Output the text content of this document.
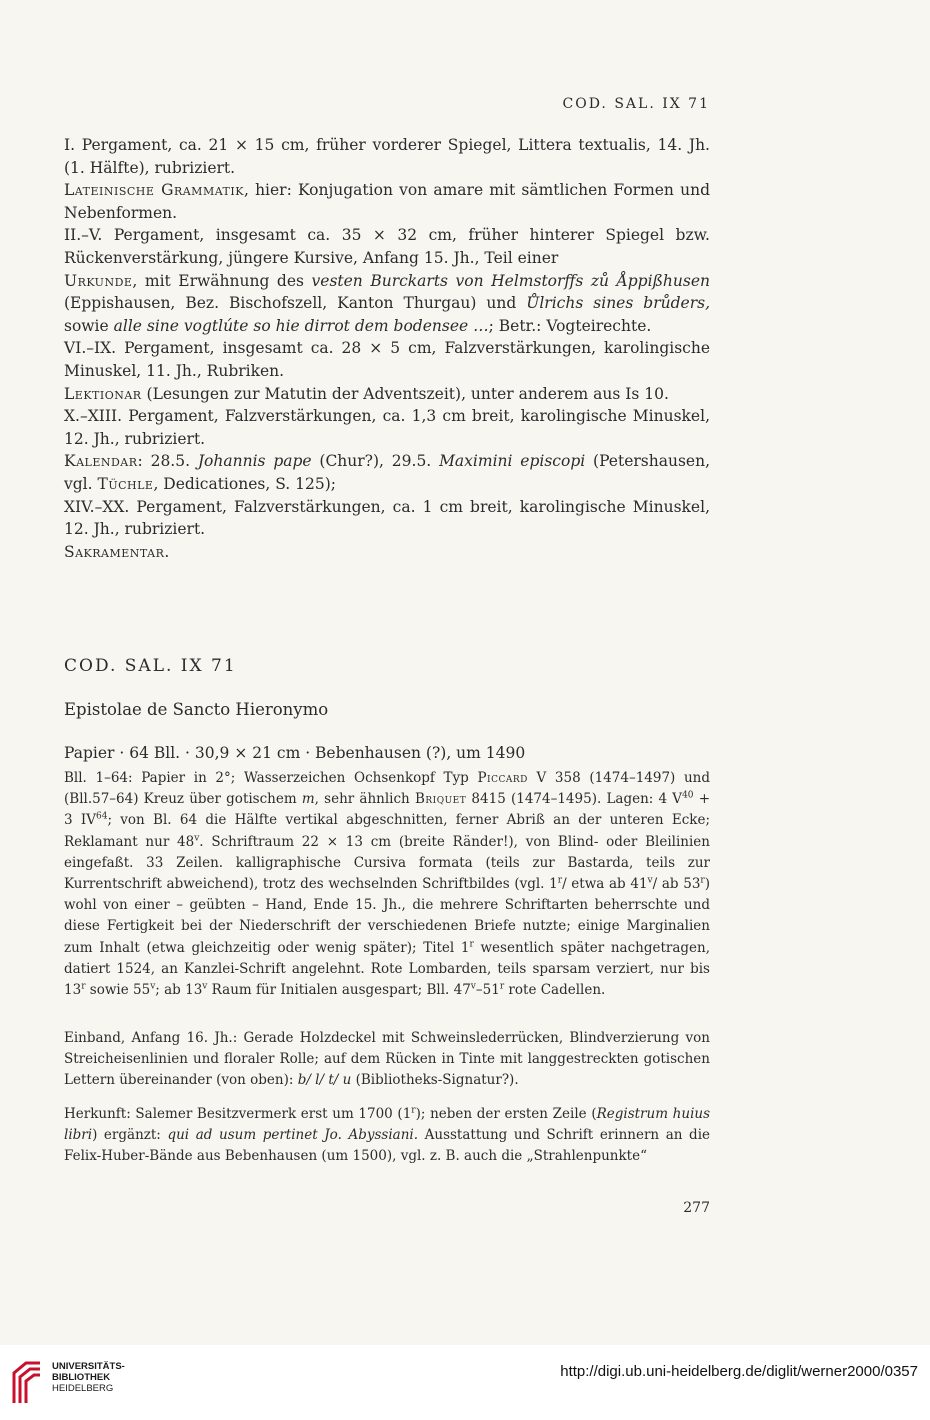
COD. SAL. IX 71

I. Pergament, ca. 21 × 15 cm, früher vorderer Spiegel, Littera textualis, 14. Jh. (1. Hälfte), rubriziert.

Lateinische Grammatik, hier: Konjugation von amare mit sämtlichen Formen und Nebenformen.

II.–V. Pergament, insgesamt ca. 35 × 32 cm, früher hinterer Spiegel bzw. Rückenverstärkung, jüngere Kursive, Anfang 15. Jh., Teil einer

Urkunde, mit Erwähnung des vesten Burckarts von Helmstorffs zů Åppißhusen (Eppishausen, Bez. Bischofszell, Kanton Thurgau) und Ůlrichs sines brůders, sowie alle sine vogtlúte so hie dirrot dem bodensee …; Betr.: Vogteirechte.

VI.–IX. Pergament, insgesamt ca. 28 × 5 cm, Falzverstärkungen, karolingische Minuskel, 11. Jh., Rubriken.

Lektionar (Lesungen zur Matutin der Adventszeit), unter anderem aus Is 10.

X.–XIII. Pergament, Falzverstärkungen, ca. 1,3 cm breit, karolingische Minuskel, 12. Jh., rubriziert.

Kalendar: 28.5. Johannis pape (Chur?), 29.5. Maximini episcopi (Petershausen, vgl. Tüchle, Dedicationes, S. 125);

XIV.–XX. Pergament, Falzverstärkungen, ca. 1 cm breit, karolingische Minuskel, 12. Jh., rubriziert.

Sakramentar.

COD. SAL. IX 71
Epistolae de Sancto Hieronymo
Papier · 64 Bll. · 30,9 × 21 cm · Bebenhausen (?), um 1490

Bll. 1–64: Papier in 2°; Wasserzeichen Ochsenkopf Typ Piccard V 358 (1474–1497) und (Bll.57–64) Kreuz über gotischem m, sehr ähnlich Briquet 8415 (1474–1495). Lagen: 4 $V^{40} + 3$ IV$^{64}$; von Bl. 64 die Hälfte vertikal abgeschnitten, ferner Abriß an der unteren Ecke; Reklamant nur 48$^v$. Schriftraum 22 × 13 cm (breite Ränder!), von Blind- oder Bleilinien eingefaßt. 33 Zeilen. kalligraphische Cursiva formata (teils zur Bastarda, teils zur Kurrentschrift abweichend), trotz des wechselnden Schriftbildes (vgl. 1$^r$/ etwa ab 41$^v$/ ab 53$^r$) wohl von einer – geübten – Hand, Ende 15. Jh., die mehrere Schriftarten beherrschte und diese Fertigkeit bei der Niederschrift der verschiedenen Briefe nutzte; einige Marginalien zum Inhalt (etwa gleichzeitig oder wenig später); Titel 1$^r$ wesentlich später nachgetragen, datiert 1524, an Kanzlei-Schrift angelehnt. Rote Lombarden, teils sparsam verziert, nur bis 13$^r$ sowie 55$^v$; ab 13$^v$ Raum für Initialen ausgespart; Bll. 47$^v$–51$^r$ rote Cadellen.

Einband, Anfang 16. Jh.: Gerade Holzdeckel mit Schweinslederrücken, Blindverzierung von Streicheisenlinien und floraler Rolle; auf dem Rücken in Tinte mit langgestreckten gotischen Lettern übereinander (von oben): b/ l/ t/ u (Bibliotheks-Signatur?).
Herkunft: Salemer Besitzvermerk erst um 1700 (1$^r$); neben der ersten Zeile (Registrum huius libri) ergänzt: qui ad usum pertinet Jo. Abyssiani. Ausstattung und Schrift erinnern an die Felix-Huber-Bände aus Bebenhausen (um 1500), vgl. z. B. auch die „Strahlenpunkte“
277
UNIVERSITÄTS-
BIBLIOTHEK
HEIDELBERG
http://digi.ub.uni-heidelberg.de/diglit/werner2000/0357
